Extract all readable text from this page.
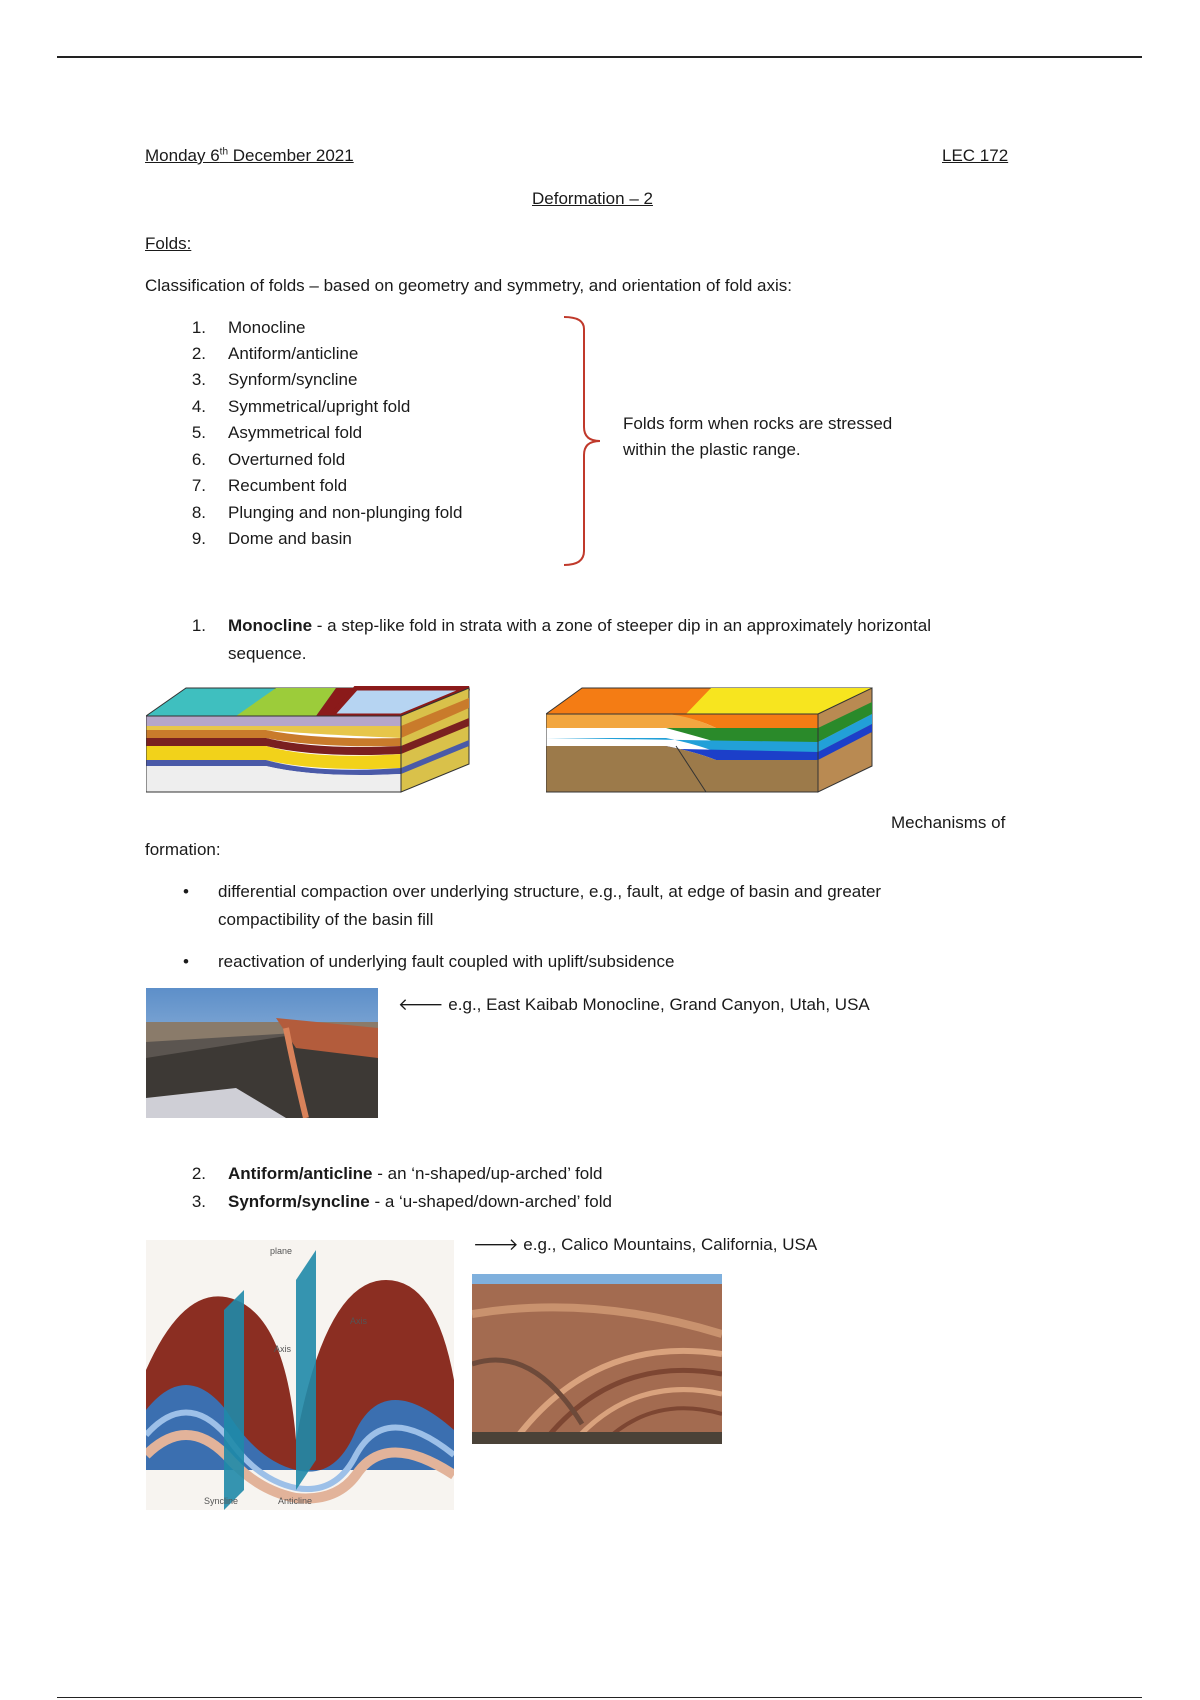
Monday 6th December 2021	LEC 172
Deformation – 2
Folds:
Classification of folds – based on geometry and symmetry, and orientation of fold axis:
1. Monocline
2. Antiform/anticline
3. Synform/syncline
4. Symmetrical/upright fold
5. Asymmetrical fold
6. Overturned fold
7. Recumbent fold
8. Plunging and non-plunging fold
9. Dome and basin
Folds form when rocks are stressed
within the plastic range.
1. Monocline - a step-like fold in strata with a zone of steeper dip in an approximately horizontal
sequence.
Mechanisms of
formation:
• differential compaction over underlying structure, e.g., fault, at edge of basin and greater
compactibility of the basin fill
• reactivation of underlying fault coupled with uplift/subsidence
🡐 e.g., East Kaibab Monocline, Grand Canyon, Utah, USA
2. Antiform/anticline - an ‘n-shaped/up-arched’ fold
3. Synform/syncline - a ‘u-shaped/down-arched’ fold
plane
Axis
Axis
Syncline	Anticline
🡒 e.g., Calico Mountains, California, USA
